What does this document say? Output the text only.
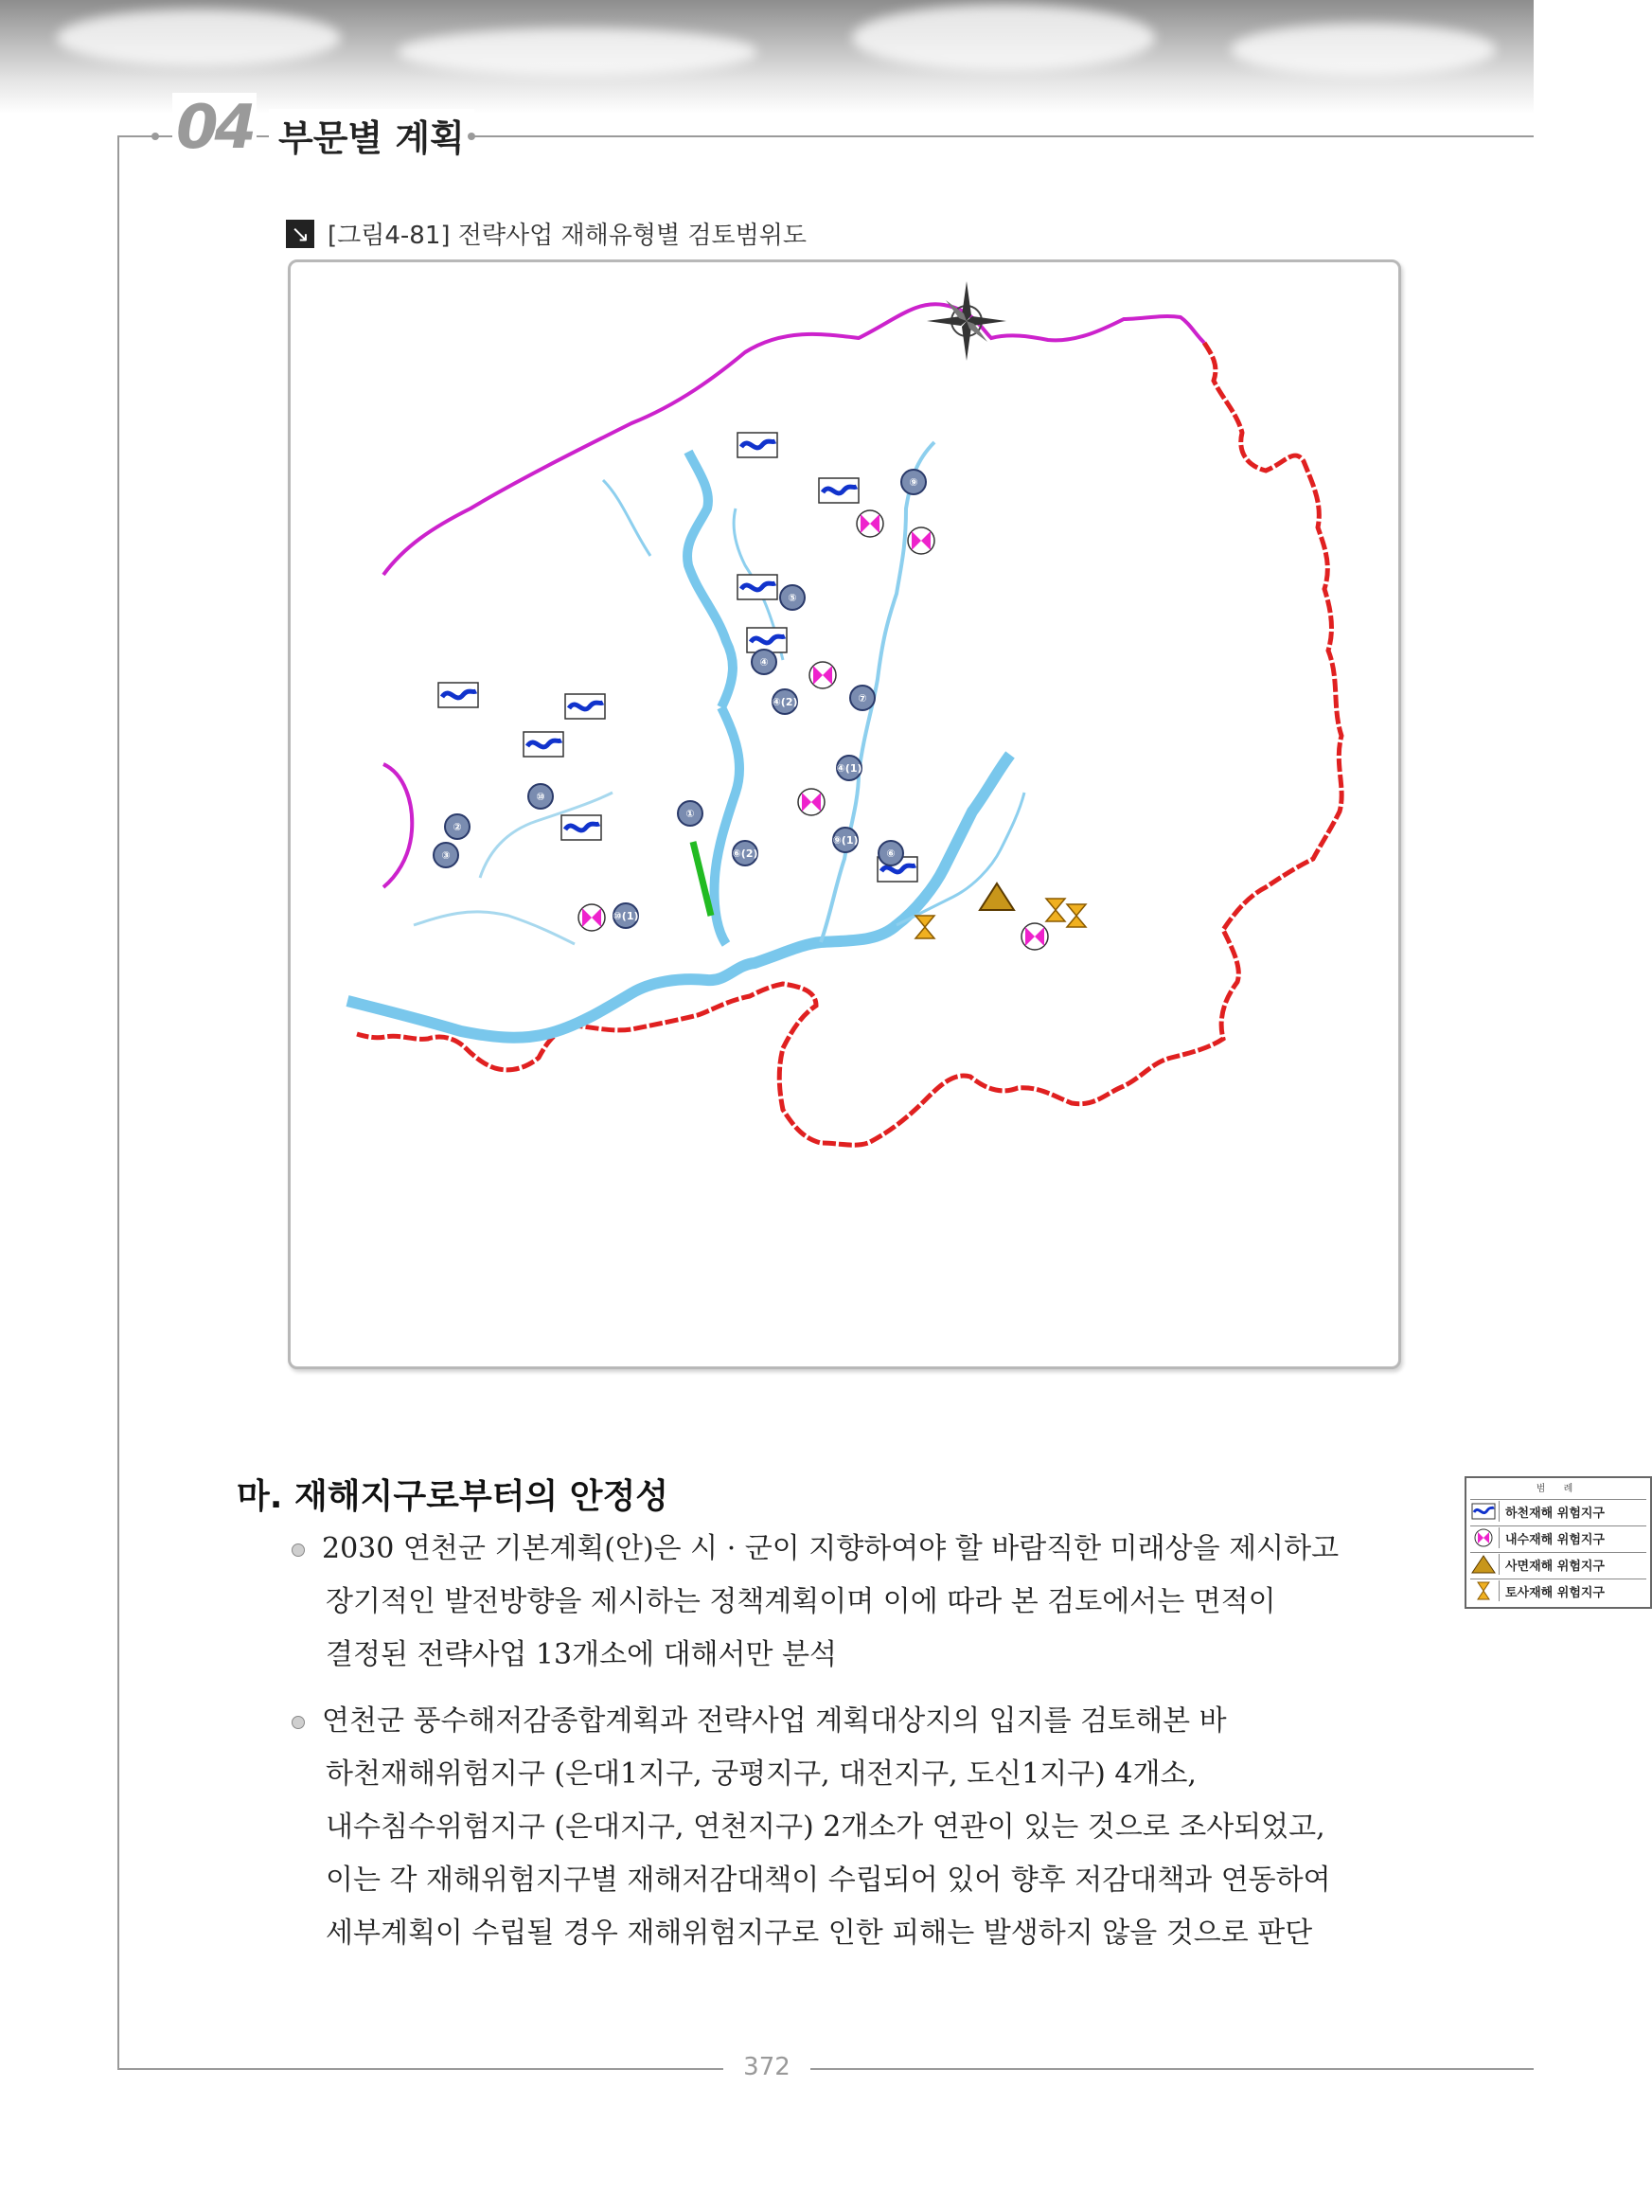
04 부문별 계획
↘ [그림4-81] 전략사업 재해유형별 검토범위도
⑨
⑤
④(2)	⑦
④(1)
⑩
①
⑥(2)
⑨(1)
⑥
②
③
⑩(1)
④
범 례
하천재해 위험지구
내수재해 위험지구
사면재해 위험지구
토사재해 위험지구
마. 재해지구로부터의 안정성
2030 연천군 기본계획(안)은 시 · 군이 지향하여야 할 바람직한 미래상을 제시하고
장기적인 발전방향을 제시하는 정책계획이며 이에 따라 본 검토에서는 면적이
결정된 전략사업 13개소에 대해서만 분석
연천군 풍수해저감종합계획과 전략사업 계획대상지의 입지를 검토해본 바
하천재해위험지구 (은대1지구, 궁평지구, 대전지구, 도신1지구) 4개소,
내수침수위험지구 (은대지구, 연천지구) 2개소가 연관이 있는 것으로 조사되었고,
이는 각 재해위험지구별 재해저감대책이 수립되어 있어 향후 저감대책과 연동하여
세부계획이 수립될 경우 재해위험지구로 인한 피해는 발생하지 않을 것으로 판단
372
